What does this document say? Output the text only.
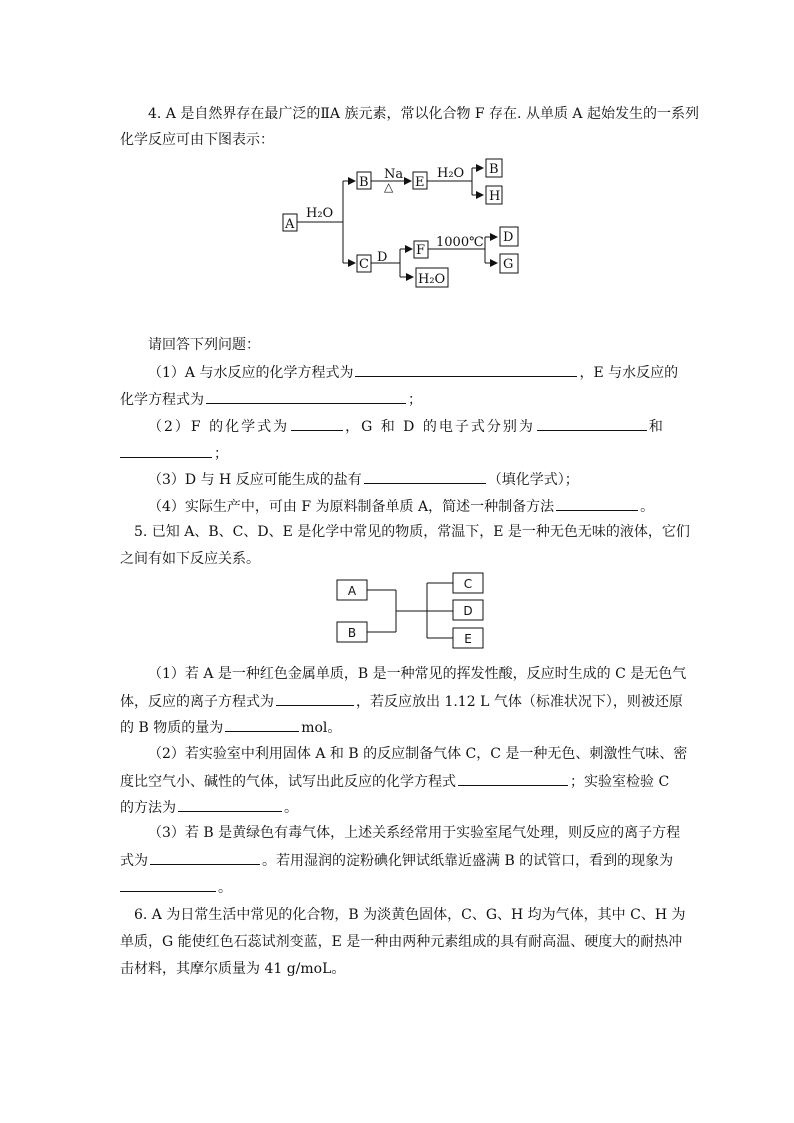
4. A 是自然界存在最广泛的ⅡA 族元素，常以化合物 F 存在. 从单质 A 起始发生的一系列
化学反应可由下图表示：
A
H₂O
B
Na
△ E
H₂O B
H
C D F
1000℃
H₂O
D
G
请回答下列问题：
（1）A 与水反应的化学方程式为	，E 与水反应的
化学方程式为	；
（2）F 的化学式为	，G 和 D 的电子式分别为	和
；
（3）D 与 H 反应可能生成的盐有	（填化学式）；
（4）实际生产中，可由 F 为原料制备单质 A，简述一种制备方法	。
5. 已知 A、B、C、D、E 是化学中常见的物质，常温下，E 是一种无色无味的液体，它们
之间有如下反应关系。
A
B
C
D
E
（1）若 A 是一种红色金属单质，B 是一种常见的挥发性酸，反应时生成的 C 是无色气
体，反应的离子方程式为	，若反应放出 1.12 L 气体（标准状况下），则被还原
的 B 物质的量为	mol。
（2）若实验室中利用固体 A 和 B 的反应制备气体 C，C 是一种无色、刺激性气味、密
度比空气小、碱性的气体，试写出此反应的化学方程式	；实验室检验 C
的方法为	。
（3）若 B 是黄绿色有毒气体，上述关系经常用于实验室尾气处理，则反应的离子方程
式为	。若用湿润的淀粉碘化钾试纸靠近盛满 B 的试管口，看到的现象为
。
6. A 为日常生活中常见的化合物，B 为淡黄色固体，C、G、H 均为气体，其中 C、H 为
单质，G 能使红色石蕊试剂变蓝，E 是一种由两种元素组成的具有耐高温、硬度大的耐热冲
击材料，其摩尔质量为 41 g/moL。
